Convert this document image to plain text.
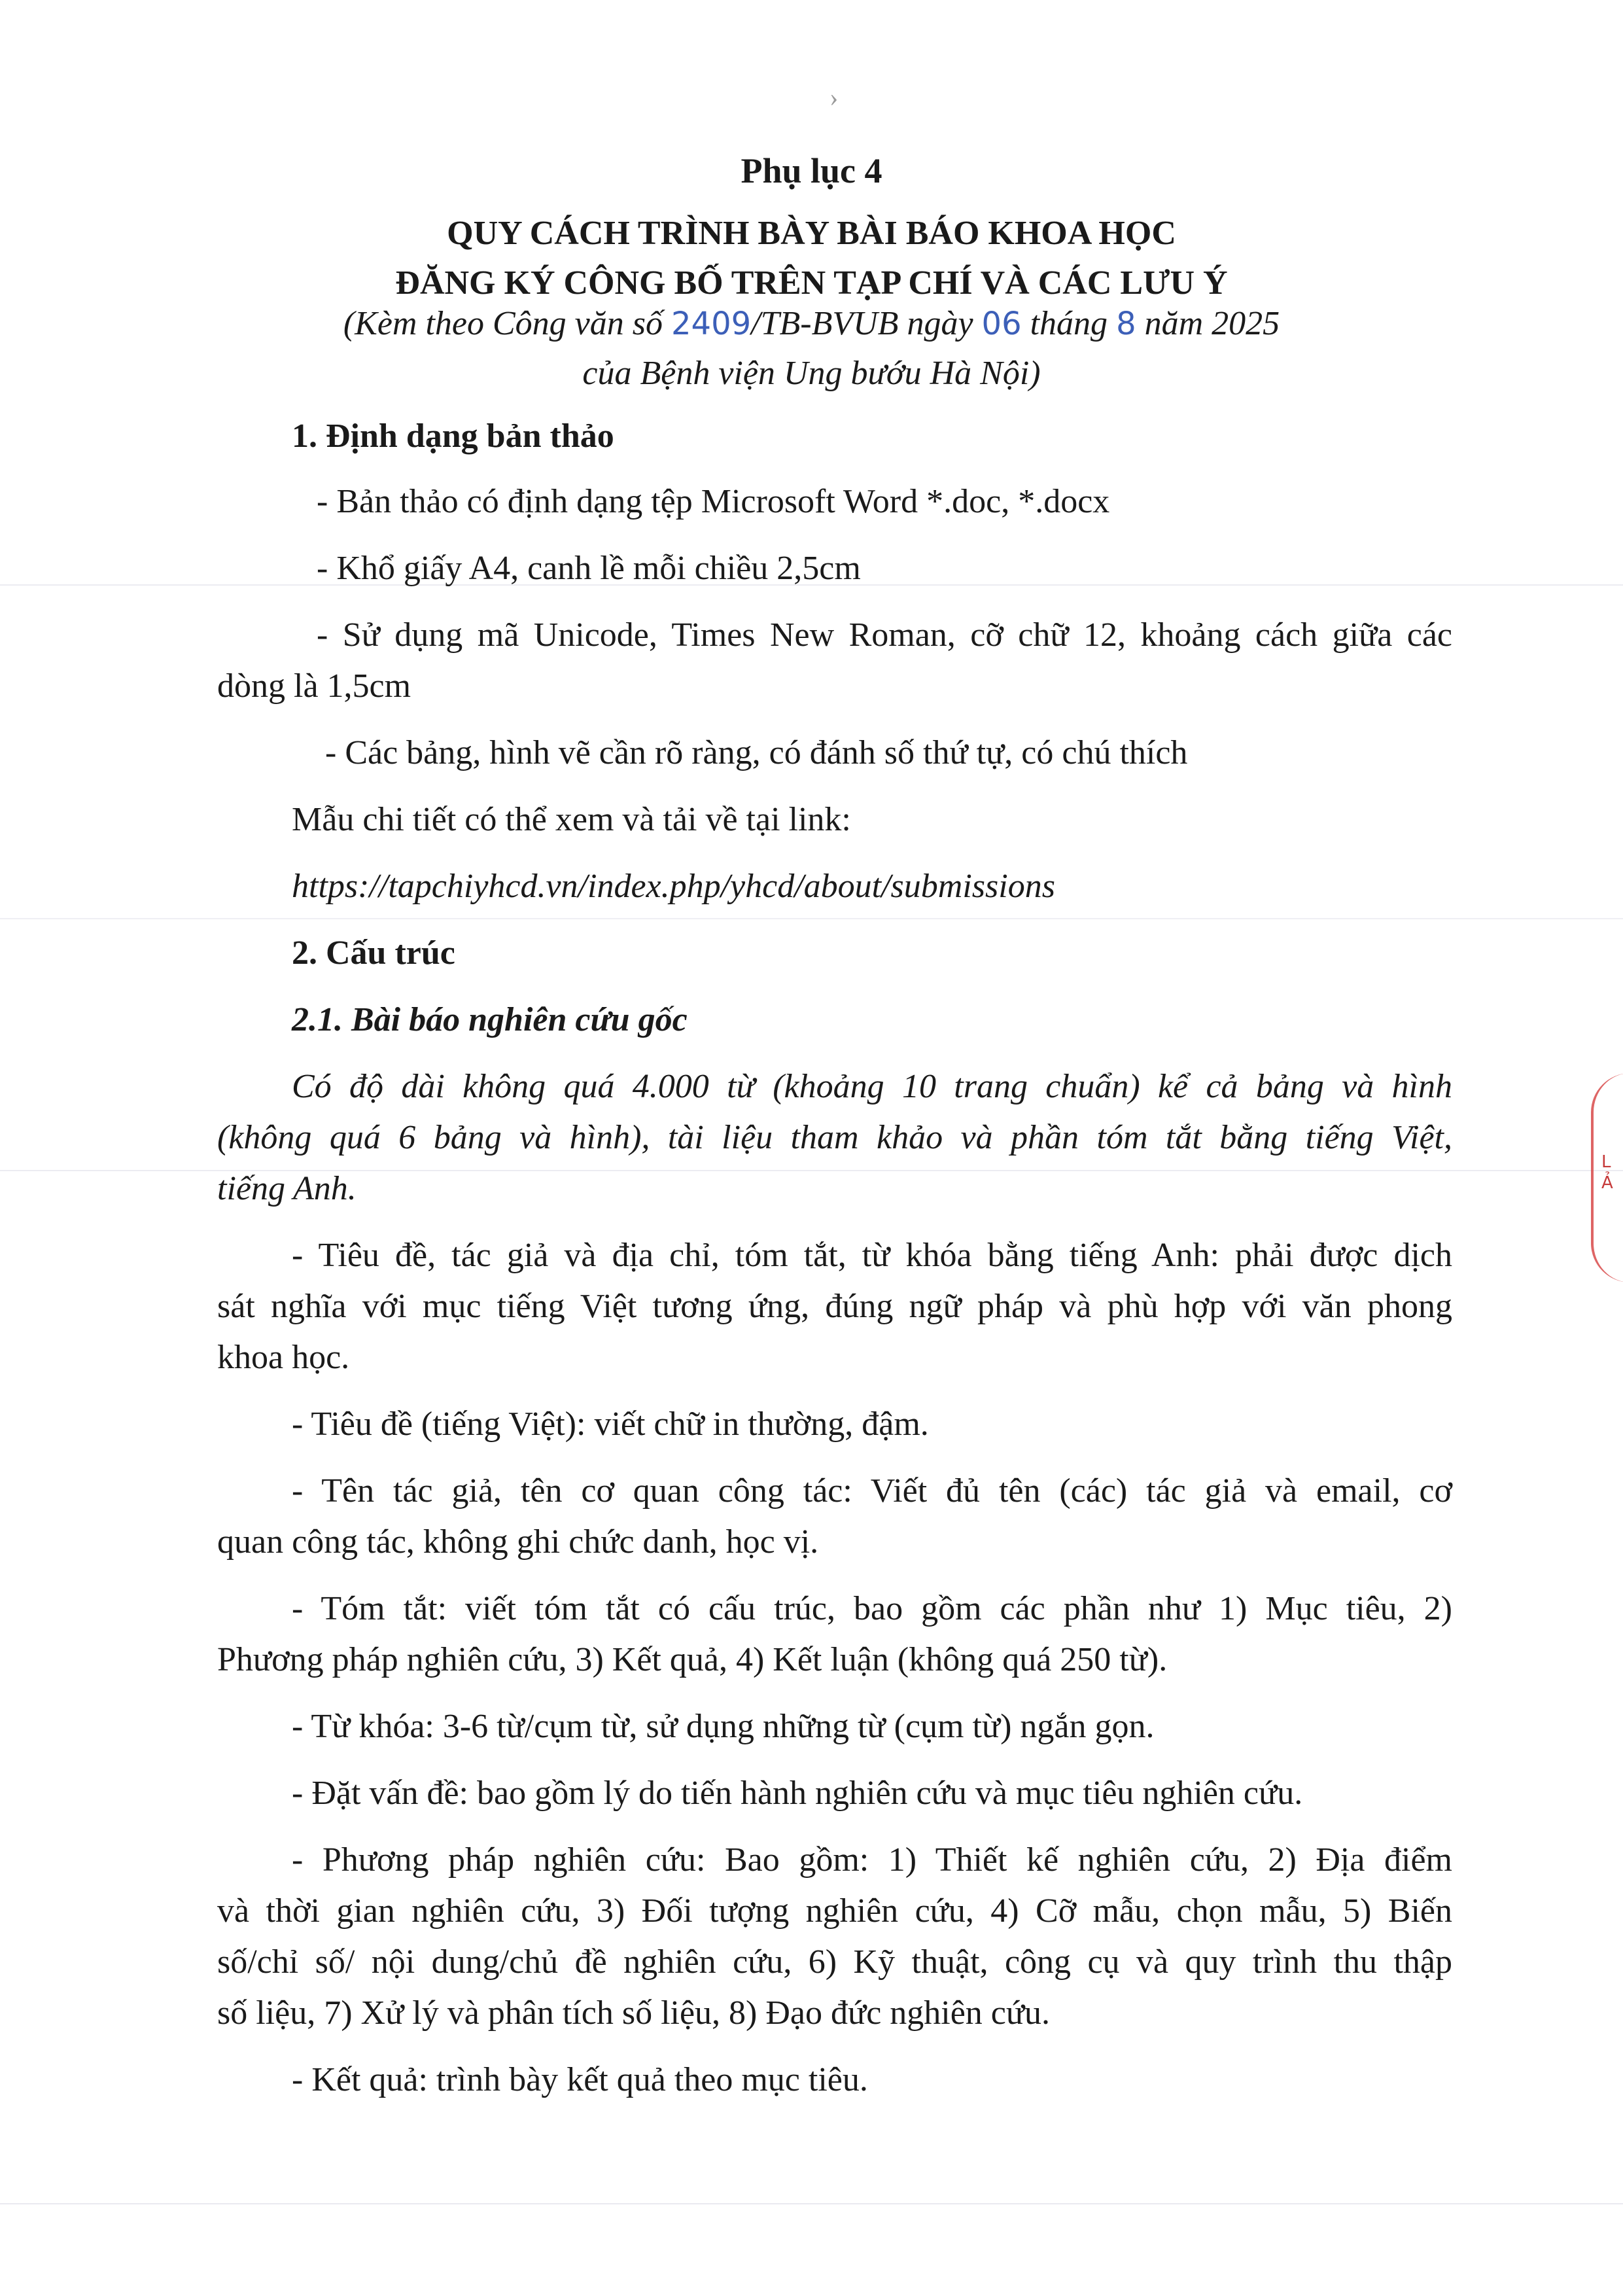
›
Phụ lục 4
QUY CÁCH TRÌNH BÀY BÀI BÁO KHOA HỌC
ĐĂNG KÝ CÔNG BỐ TRÊN TẠP CHÍ VÀ CÁC LƯU Ý
(Kèm theo Công văn số 2409/TB-BVUB ngày 06 tháng 8 năm 2025
của Bệnh viện Ung bướu Hà Nội)
1. Định dạng bản thảo
- Bản thảo có định dạng tệp Microsoft Word *.doc, *.docx
- Khổ giấy A4, canh lề mỗi chiều 2,5cm
- Sử dụng mã Unicode, Times New Roman, cỡ chữ 12, khoảng cách giữa các
dòng là 1,5cm
- Các bảng, hình vẽ cần rõ ràng, có đánh số thứ tự, có chú thích
Mẫu chi tiết có thể xem và tải về tại link:
https://tapchiyhcd.vn/index.php/yhcd/about/submissions
2. Cấu trúc
2.1. Bài báo nghiên cứu gốc
Có độ dài không quá 4.000 từ (khoảng 10 trang chuẩn) kể cả bảng và hình
(không quá 6 bảng và hình), tài liệu tham khảo và phần tóm tắt bằng tiếng Việt,
tiếng Anh.
- Tiêu đề, tác giả và địa chỉ, tóm tắt, từ khóa bằng tiếng Anh: phải được dịch
sát nghĩa với mục tiếng Việt tương ứng, đúng ngữ pháp và phù hợp với văn phong
khoa học.
- Tiêu đề (tiếng Việt): viết chữ in thường, đậm.
- Tên tác giả, tên cơ quan công tác: Viết đủ tên (các) tác giả và email, cơ
quan công tác, không ghi chức danh, học vị.
- Tóm tắt: viết tóm tắt có cấu trúc, bao gồm các phần như 1) Mục tiêu, 2)
Phương pháp nghiên cứu, 3) Kết quả, 4) Kết luận (không quá 250 từ).
- Từ khóa: 3-6 từ/cụm từ, sử dụng những từ (cụm từ) ngắn gọn.
- Đặt vấn đề: bao gồm lý do tiến hành nghiên cứu và mục tiêu nghiên cứu.
- Phương pháp nghiên cứu: Bao gồm: 1) Thiết kế nghiên cứu, 2) Địa điểm
và thời gian nghiên cứu, 3) Đối tượng nghiên cứu, 4) Cỡ mẫu, chọn mẫu, 5) Biến
số/chỉ số/ nội dung/chủ đề nghiên cứu, 6) Kỹ thuật, công cụ và quy trình thu thập
số liệu, 7) Xử lý và phân tích số liệu, 8) Đạo đức nghiên cứu.
- Kết quả: trình bày kết quả theo mục tiêu.
L Ả
